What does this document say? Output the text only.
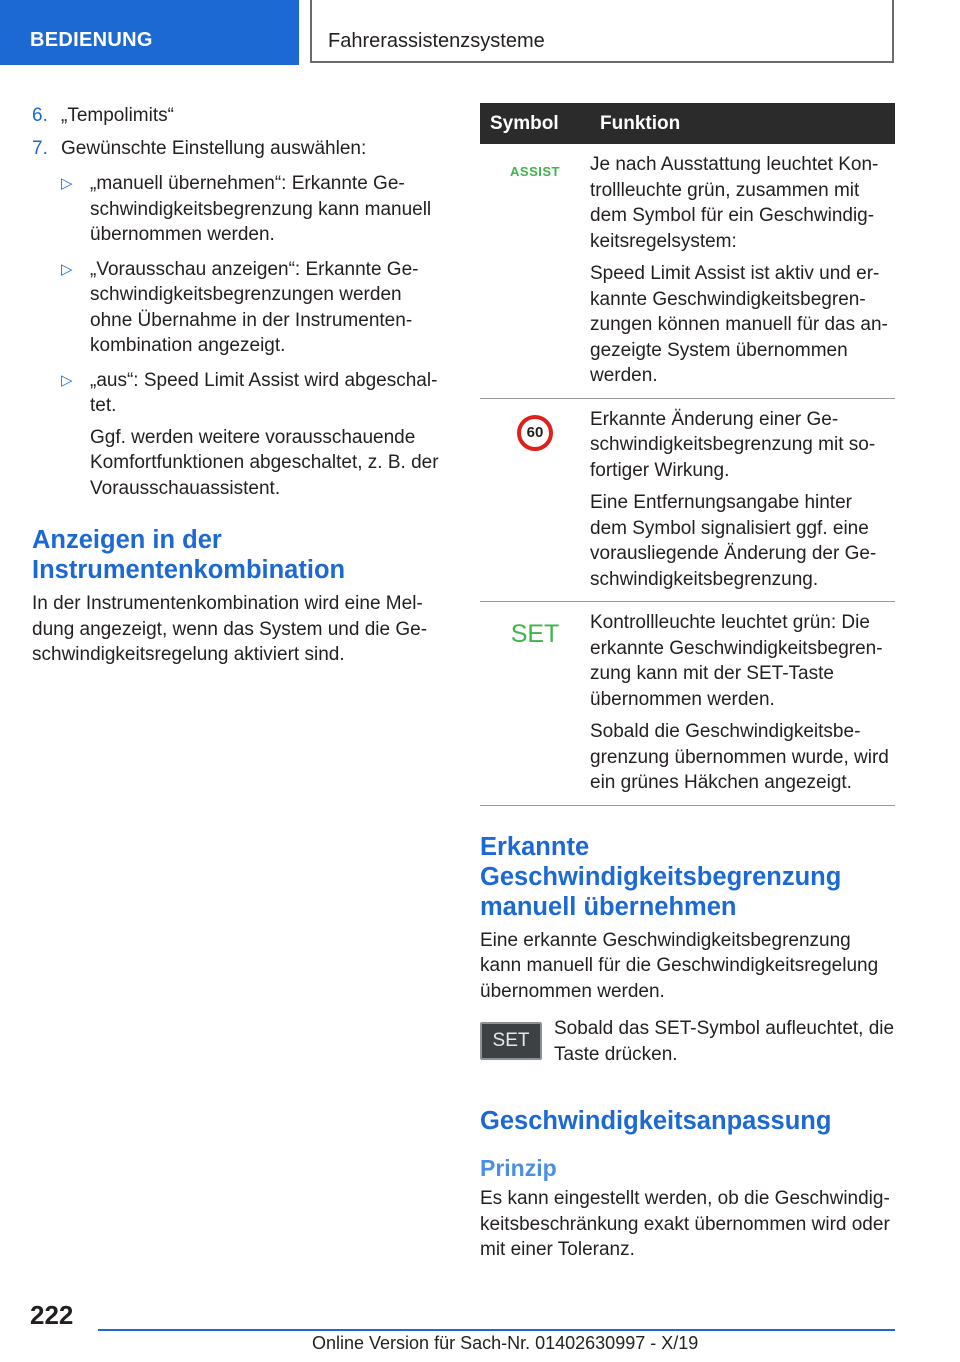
BEDIENUNG	Fahrerassistenzsysteme
6. „Tempolimits“
7. Gewünschte Einstellung auswählen:
▷ „manuell übernehmen“: Erkannte Geschwindigkeitsbegrenzung kann manuell übernommen werden.

▷ „Vorausschau anzeigen“: Erkannte Geschwindigkeitsbegrenzungen werden ohne Übernahme in der Instrumentenkombination angezeigt.

▷ „aus“: Speed Limit Assist wird abgeschaltet.

Ggf. werden weitere vorausschauende Komfortfunktionen abgeschaltet, z. B. der Vorausschauassistent.

Anzeigen in der Instrumentenkombination
In der Instrumentenkombination wird eine Meldung angezeigt, wenn das System und die Geschwindigkeitsregelung aktiviert sind.
Symbol	Funktion
ASSIST	Je nach Ausstattung leuchtet Kontrollleuchte grün, zusammen mit dem Symbol für ein Geschwindigkeitsregelsystem:

Speed Limit Assist ist aktiv und erkannte Geschwindigkeitsbegrenzungen können manuell für das angezeigte System übernommen werden.

60	Erkannte Änderung einer Geschwindigkeitsbegrenzung mit sofortiger Wirkung.

Eine Entfernungsangabe hinter dem Symbol signalisiert ggf. eine vorausliegende Änderung der Geschwindigkeitsbegrenzung.

SET	Kontrollleuchte leuchtet grün: Die erkannte Geschwindigkeitsbegrenzung kann mit der SET-Taste übernommen werden.

Sobald die Geschwindigkeitsbegrenzung übernommen wurde, wird ein grünes Häkchen angezeigt.

Erkannte Geschwindigkeitsbegrenzung manuell übernehmen
Eine erkannte Geschwindigkeitsbegrenzung kann manuell für die Geschwindigkeitsregelung übernommen werden.
SET
Sobald das SET-Symbol aufleuchtet, die Taste drücken.
Geschwindigkeitsanpassung
Prinzip
Es kann eingestellt werden, ob die Geschwindigkeitsbeschränkung exakt übernommen wird oder mit einer Toleranz.
222
Online Version für Sach-Nr. 01402630997 - X/19
